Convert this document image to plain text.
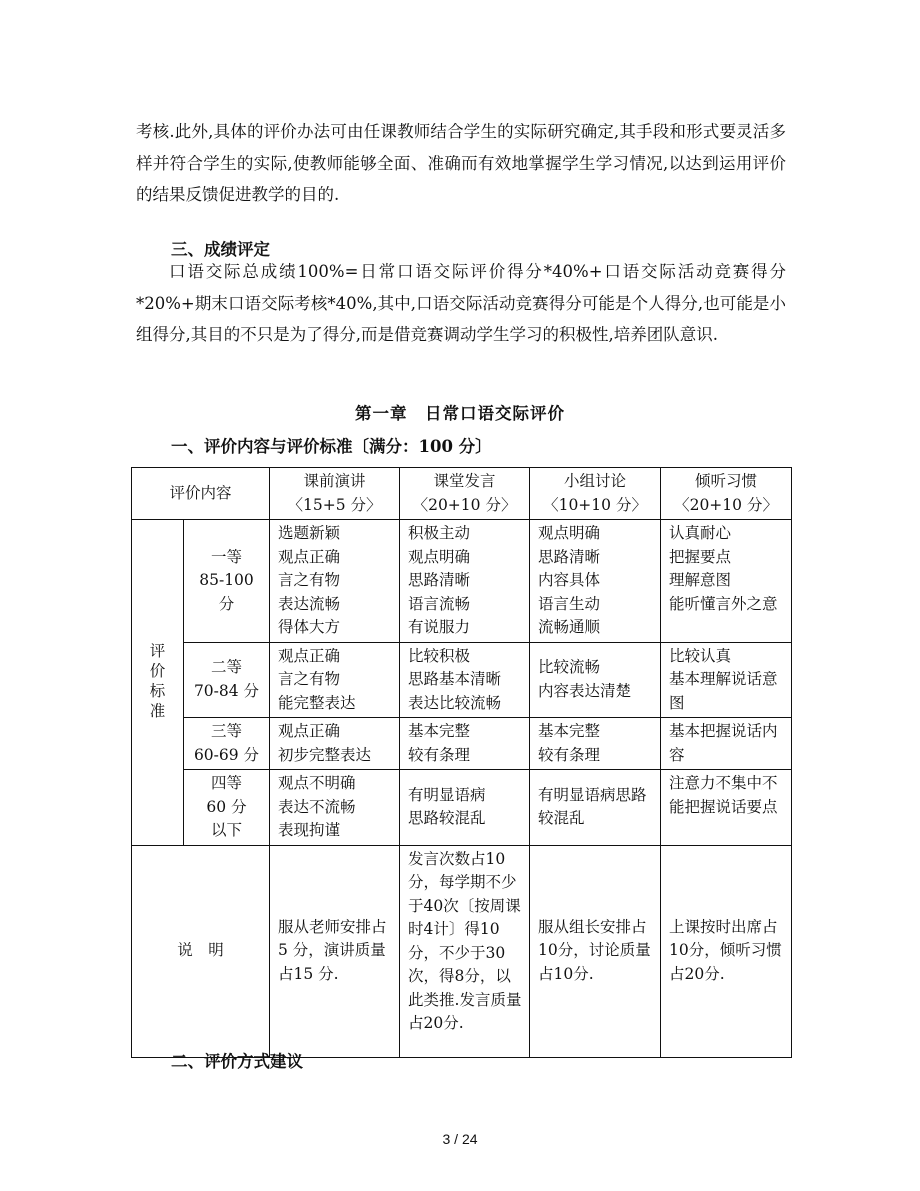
考核.此外,具体的评价办法可由任课教师结合学生的实际研究确定,其手段和形式要灵活多样并符合学生的实际,使教师能够全面、准确而有效地掌握学生学习情况,以达到运用评价的结果反馈促进教学的目的.

三、成绩评定

口语交际总成绩100%=日常口语交际评价得分*40%+口语交际活动竞赛得分*20%+期末口语交际考核*40%,其中,口语交际活动竞赛得分可能是个人得分,也可能是小组得分,其目的不只是为了得分,而是借竞赛调动学生学习的积极性,培养团队意识.

第一章　日常口语交际评价

一、评价内容与评价标准〔满分：100 分〕

评价内容		课前演讲
〈15+5 分〉	课堂发言
〈20+10 分〉	小组讨论
〈10+10 分〉	倾听习惯
〈20+10 分〉

评价标准	一等
85-100
分	选题新颖
观点正确
言之有物
表达流畅
得体大方	积极主动
观点明确
思路清晰
语言流畅
有说服力	观点明确
思路清晰
内容具体
语言生动
流畅通顺	认真耐心
把握要点
理解意图
能听懂言外之意

	二等
70-84 分	观点正确
言之有物
能完整表达	比较积极
思路基本清晰
表达比较流畅	比较流畅
内容表达清楚	比较认真
基本理解说话意图

	三等
60-69 分	观点正确
初步完整表达	基本完整
较有条理	基本完整
较有条理	基本把握说话内容

	四等
60 分
以下	观点不明确
表达不流畅
表现拘谨	有明显语病
思路较混乱	有明显语病思路较混乱	注意力不集中不能把握说话要点

说　明		服从老师安排占 5 分，演讲质量占15 分.	发言次数占10分，每学期不少于40次〔按周课时4计〕得10分，不少于30次，得8分，以此类推.发言质量占20分.	服从组长安排占10分，讨论质量占10分.	上课按时出席占10分，倾听习惯占20分.

二、评价方式建议

3 / 24
